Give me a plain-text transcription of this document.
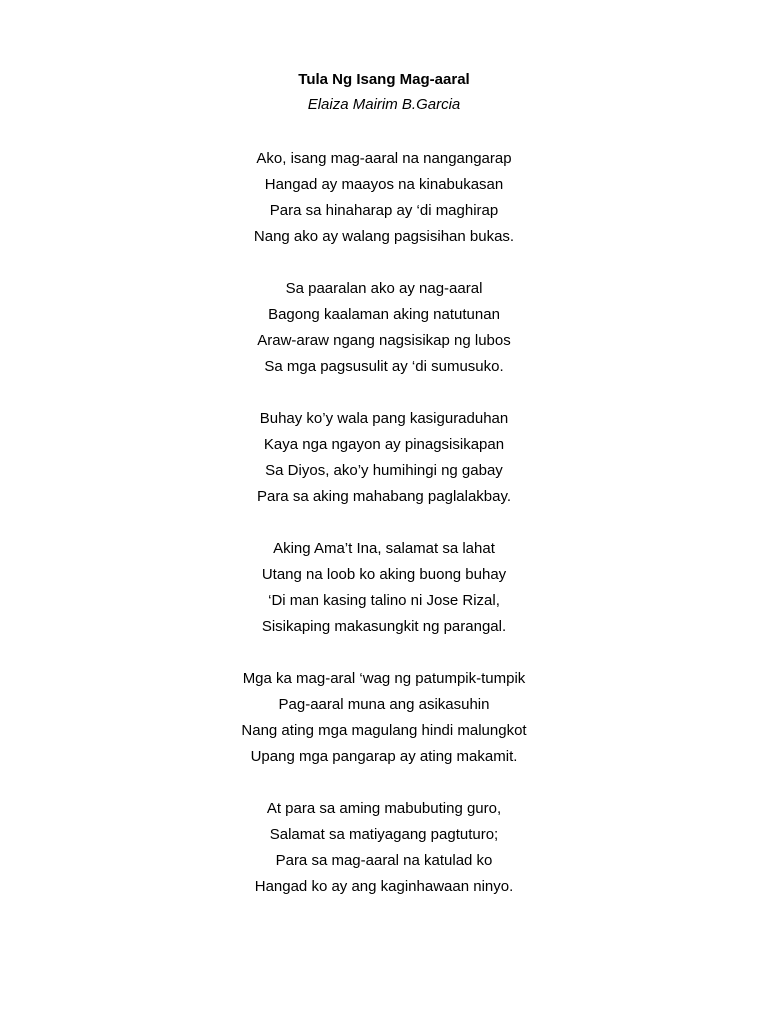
Tula Ng Isang Mag-aaral

Elaiza Mairim B.Garcia

Ako, isang mag-aaral na nangangarap
Hangad ay maayos na kinabukasan
Para sa hinaharap ay ‘di maghirap
Nang ako ay walang pagsisihan bukas.
Sa paaralan ako ay nag-aaral
Bagong kaalaman aking natutunan
Araw-araw ngang nagsisikap ng lubos
Sa mga pagsusulit ay ‘di sumusuko.
Buhay ko’y wala pang kasiguraduhan
Kaya nga ngayon ay pinagsisikapan
Sa Diyos, ako’y humihingi ng gabay
Para sa aking mahabang paglalakbay.
Aking Ama’t Ina, salamat sa lahat
Utang na loob ko aking buong buhay
‘Di man kasing talino ni Jose Rizal,
Sisikaping makasungkit ng parangal.
Mga ka mag-aral ‘wag ng patumpik-tumpik
Pag-aaral muna ang asikasuhin
Nang ating mga magulang hindi malungkot
Upang mga pangarap ay ating makamit.
At para sa aming mabubuting guro,
Salamat sa matiyagang pagtuturo;
Para sa mag-aaral na katulad ko
Hangad ko ay ang kaginhawaan ninyo.
